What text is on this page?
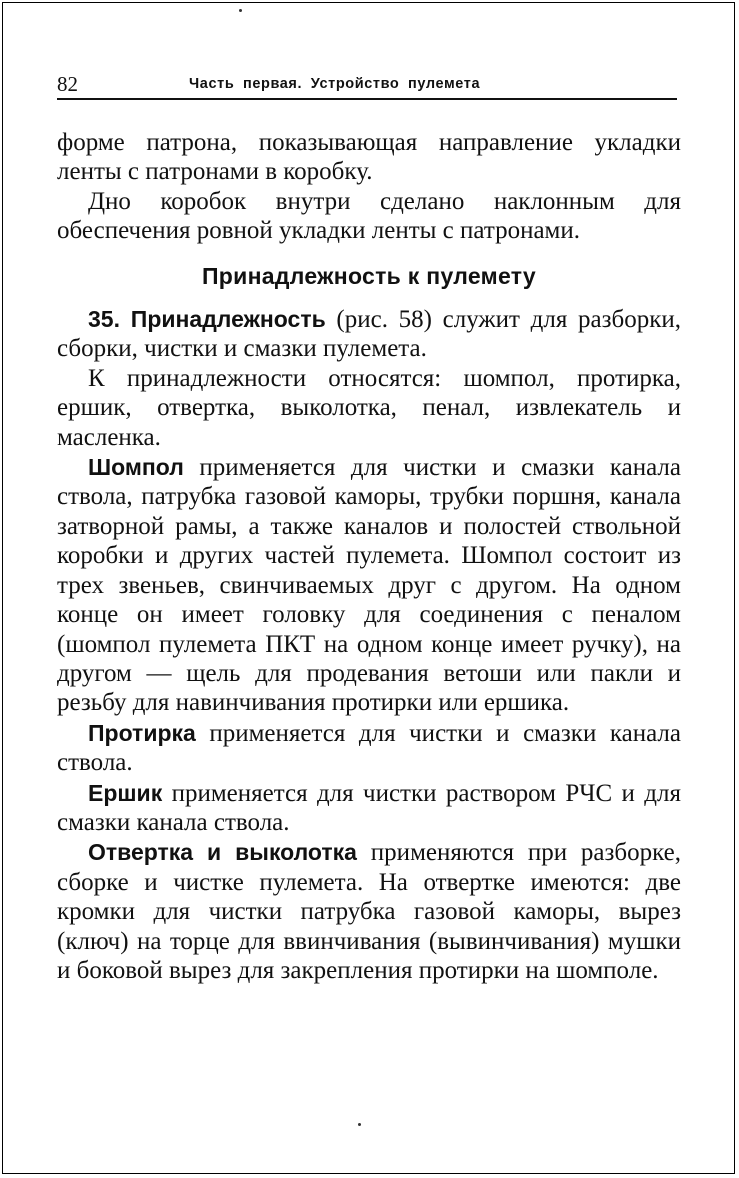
82	Часть первая. Устройство пулемета

форме патрона, показывающая направление укладки ленты с патронами в коробку.

Дно коробок внутри сделано наклонным для обеспечения ровной укладки ленты с патронами.

Принадлежность к пулемету

35. Принадлежность (рис. 58) служит для разборки, сборки, чистки и смазки пулемета.

К принадлежности относятся: шомпол, протирка, ершик, отвертка, выколотка, пенал, извлекатель и масленка.

Шомпол применяется для чистки и смазки канала ствола, патрубка газовой каморы, трубки поршня, канала затворной рамы, а также каналов и полостей ствольной коробки и других частей пулемета. Шомпол состоит из трех звеньев, свинчиваемых друг с другом. На одном конце он имеет головку для соединения с пеналом (шомпол пулемета ПКТ на одном конце имеет ручку), на другом — щель для продевания ветоши или пакли и резьбу для навинчивания протирки или ершика.

Протирка применяется для чистки и смазки канала ствола.

Ершик применяется для чистки раствором РЧС и для смазки канала ствола.

Отвертка и выколотка применяются при разборке, сборке и чистке пулемета. На отвертке имеются: две кромки для чистки патрубка газовой каморы, вырез (ключ) на торце для ввинчивания (вывинчивания) мушки и боковой вырез для закрепления протирки на шомполе.
